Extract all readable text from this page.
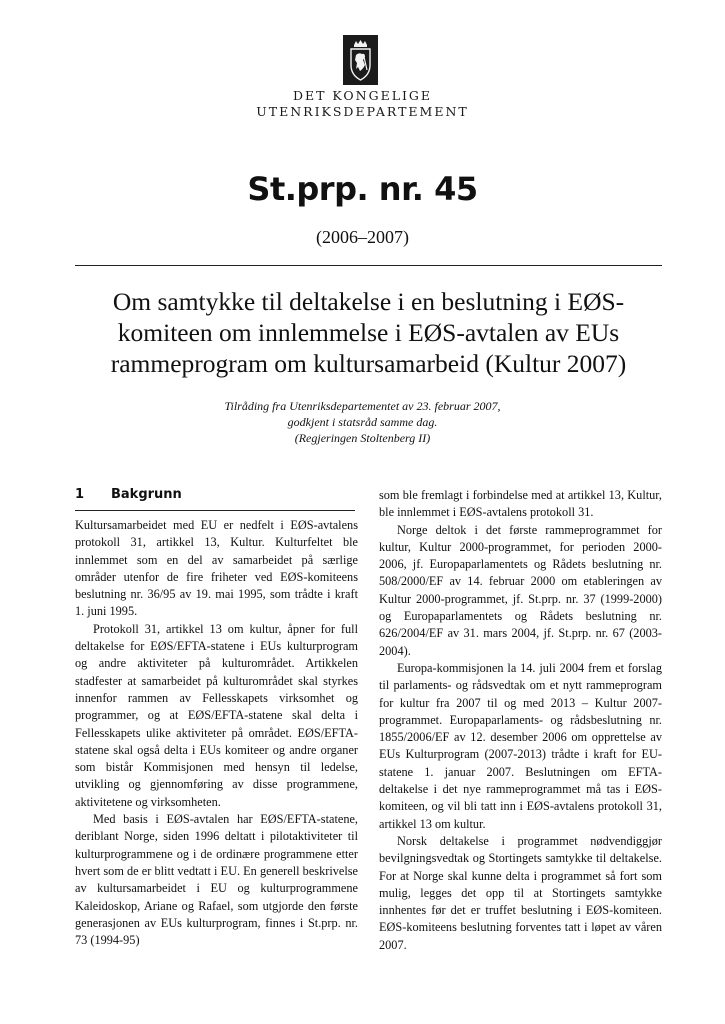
DET KONGELIGE
UTENRIKSDEPARTEMENT
St.prp. nr. 45
(2006–2007)
Om samtykke til deltakelse i en beslutning i EØS-
komiteen om innlemmelse i EØS-avtalen av EUs
rammeprogram om kultursamarbeid (Kultur 2007)
Tilråding fra Utenriksdepartementet av 23. februar 2007,
godkjent i statsråd samme dag.
(Regjeringen Stoltenberg II)
1 Bakgrunn

Kultursamarbeidet med EU er nedfelt i EØS-avtalens protokoll 31, artikkel 13, Kultur. Kulturfeltet ble innlemmet som en del av samarbeidet på særlige områder utenfor de fire friheter ved EØS-komiteens beslutning nr. 36/95 av 19. mai 1995, som trådte i kraft 1. juni 1995.

Protokoll 31, artikkel 13 om kultur, åpner for full deltakelse for EØS/EFTA-statene i EUs kulturprogram og andre aktiviteter på kulturområdet. Artikkelen stadfester at samarbeidet på kulturområdet skal styrkes innenfor rammen av Fellesskapets virksomhet og programmer, og at EØS/EFTA-statene skal delta i Fellesskapets ulike aktiviteter på området. EØS/EFTA-statene skal også delta i EUs komiteer og andre organer som bistår Kommisjonen med hensyn til ledelse, utvikling og gjennomføring av disse programmene, aktivitetene og virksomheten.

Med basis i EØS-avtalen har EØS/EFTA-statene, deriblant Norge, siden 1996 deltatt i pilotaktiviteter til kulturprogrammene og i de ordinære programmene etter hvert som de er blitt vedtatt i EU. En generell beskrivelse av kultursamarbeidet i EU og kulturprogrammene Kaleidoskop, Ariane og Rafael, som utgjorde den første generasjonen av EUs kulturprogram, finnes i St.prp. nr. 73 (1994-95)

som ble fremlagt i forbindelse med at artikkel 13, Kultur, ble innlemmet i EØS-avtalens protokoll 31.

Norge deltok i det første rammeprogrammet for kultur, Kultur 2000-programmet, for perioden 2000-2006, jf. Europaparlamentets og Rådets beslutning nr. 508/2000/EF av 14. februar 2000 om etableringen av Kultur 2000-programmet, jf. St.prp. nr. 37 (1999-2000) og Europaparlamentets og Rådets beslutning nr. 626/2004/EF av 31. mars 2004, jf. St.prp. nr. 67 (2003-2004).

Europa-kommisjonen la 14. juli 2004 frem et forslag til parlaments- og rådsvedtak om et nytt rammeprogram for kultur fra 2007 til og med 2013 – Kultur 2007-programmet. Europaparlaments- og rådsbeslutning nr. 1855/2006/EF av 12. desember 2006 om opprettelse av EUs Kulturprogram (2007-2013) trådte i kraft for EU-statene 1. januar 2007. Beslutningen om EFTA-deltakelse i det nye rammeprogrammet må tas i EØS-komiteen, og vil bli tatt inn i EØS-avtalens protokoll 31, artikkel 13 om kultur.

Norsk deltakelse i programmet nødvendiggjør bevilgningsvedtak og Stortingets samtykke til deltakelse. For at Norge skal kunne delta i programmet så fort som mulig, legges det opp til at Stortingets samtykke innhentes før det er truffet beslutning i EØS-komiteen. EØS-komiteens beslutning forventes tatt i løpet av våren 2007.
